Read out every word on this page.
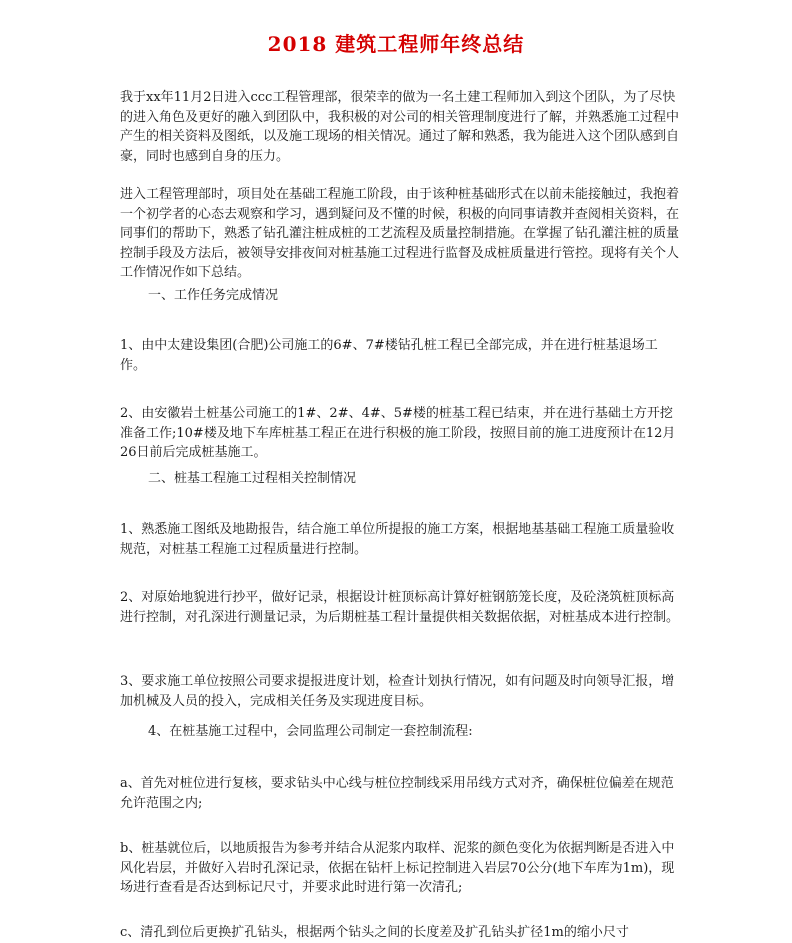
2018 建筑工程师年终总结

我于xx年11月2日进入ccc工程管理部，很荣幸的做为一名土建工程师加入到这个团队，为了尽快的进入角色及更好的融入到团队中，我积极的对公司的相关管理制度进行了解，并熟悉施工过程中产生的相关资料及图纸，以及施工现场的相关情况。通过了解和熟悉，我为能进入这个团队感到自豪，同时也感到自身的压力。

进入工程管理部时，项目处在基础工程施工阶段，由于该种桩基础形式在以前未能接触过，我抱着一个初学者的心态去观察和学习，遇到疑问及不懂的时候，积极的向同事请教并查阅相关资料，在同事们的帮助下，熟悉了钻孔灌注桩成桩的工艺流程及质量控制措施。在掌握了钻孔灌注桩的质量控制手段及方法后，被领导安排夜间对桩基施工过程进行监督及成桩质量进行管控。现将有关个人工作情况作如下总结。

一、工作任务完成情况

1、由中太建设集团(合肥)公司施工的6#、7#楼钻孔桩工程已全部完成，并在进行桩基退场工作。

2、由安徽岩土桩基公司施工的1#、2#、4#、5#楼的桩基工程已结束，并在进行基础土方开挖准备工作;10#楼及地下车库桩基工程正在进行积极的施工阶段，按照目前的施工进度预计在12月26日前后完成桩基施工。

二、桩基工程施工过程相关控制情况

1、熟悉施工图纸及地勘报告，结合施工单位所提报的施工方案，根据地基基础工程施工质量验收规范，对桩基工程施工过程质量进行控制。

2、对原始地貌进行抄平，做好记录，根据设计桩顶标高计算好桩钢筋笼长度，及砼浇筑桩顶标高进行控制，对孔深进行测量记录，为后期桩基工程计量提供相关数据依据，对桩基成本进行控制。

3、要求施工单位按照公司要求提报进度计划，检查计划执行情况，如有问题及时向领导汇报，增加机械及人员的投入，完成相关任务及实现进度目标。

4、在桩基施工过程中，会同监理公司制定一套控制流程:

a、首先对桩位进行复核，要求钻头中心线与桩位控制线采用吊线方式对齐，确保桩位偏差在规范允许范围之内;

b、桩基就位后，以地质报告为参考并结合从泥浆内取样、泥浆的颜色变化为依据判断是否进入中风化岩层，并做好入岩时孔深记录，依据在钻杆上标记控制进入岩层70公分(地下车库为1m)，现场进行查看是否达到标记尺寸，并要求此时进行第一次清孔;

c、清孔到位后更换扩孔钻头，根据两个钻头之间的长度差及扩孔钻头扩径1m的缩小尺寸
